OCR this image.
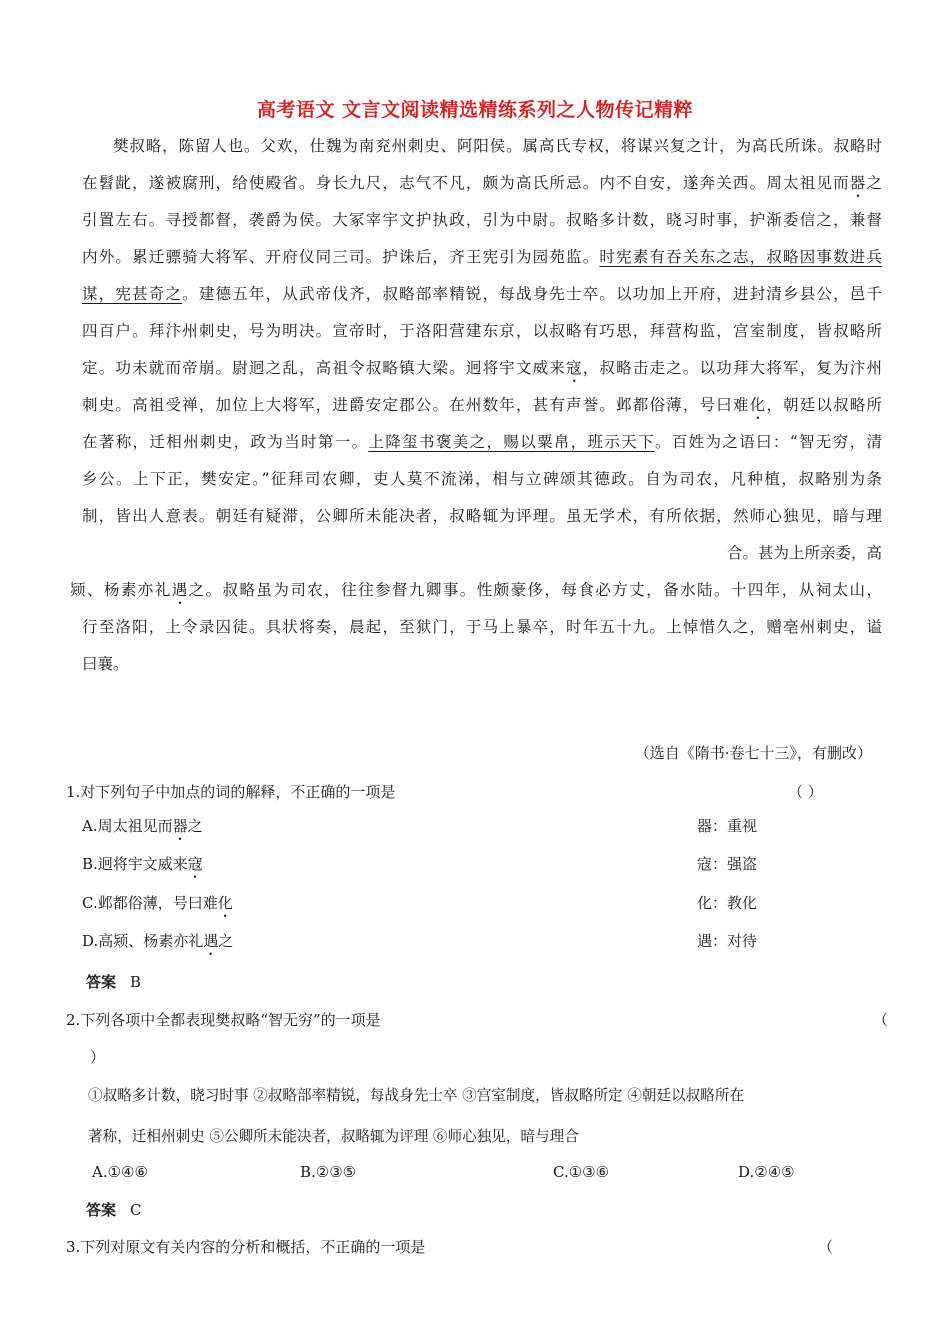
高考语文 文言文阅读精选精练系列之人物传记精粹
樊叔略，陈留人也。父欢，仕魏为南兖州刺史、阿阳侯。属高氏专权，将谋兴复之计，为高氏所诛。叔略时
在髫龀，遂被腐刑，给使殿省。身长九尺，志气不凡，颇为高氏所忌。内不自安，遂奔关西。周太祖见而器之
引置左右。寻授都督，袭爵为侯。大冢宰宇文护执政，引为中尉。叔略多计数，晓习时事，护渐委信之，兼督
内外。累迁骠骑大将军、开府仪同三司。护诛后，齐王宪引为园苑监。时宪素有吞关东之志，叔略因事数进兵
谋，宪甚奇之。建德五年，从武帝伐齐，叔略部率精锐，每战身先士卒。以功加上开府，进封清乡县公，邑千
四百户。拜汴州刺史，号为明决。宣帝时，于洛阳营建东京，以叔略有巧思，拜营构监，宫室制度，皆叔略所
定。功未就而帝崩。尉迥之乱，高祖令叔略镇大梁。迥将宇文威来寇，叔略击走之。以功拜大将军，复为汴州
刺史。高祖受禅，加位上大将军，进爵安定郡公。在州数年，甚有声誉。邺都俗薄，号曰难化，朝廷以叔略所
在著称，迁相州刺史，政为当时第一。上降玺书褒美之，赐以粟帛，班示天下。百姓为之语曰：“智无穷，清
乡公。上下正，樊安定。”征拜司农卿，吏人莫不流涕，相与立碑颂其德政。自为司农，凡种植，叔略别为条
制，皆出人意表。朝廷有疑滞，公卿所未能决者，叔略辄为评理。虽无学术，有所依据，然师心独见，暗与理
合。甚为上所亲委，高
颎、杨素亦礼遇之。叔略虽为司农，往往参督九卿事。性颇豪侈，每食必方丈，备水陆。十四年，从祠太山，
行至洛阳，上令录囚徒。具状将奏，晨起，至狱门，于马上暴卒，时年五十九。上悼惜久之，赠亳州刺史，谥
曰襄。
（选自《隋书·卷七十三》，有删改）
1.对下列句子中加点的词的解释，不正确的一项是	（ ）
A.周太祖见而器之	器：重视
B.迥将宇文威来寇	寇：强盗
C.邺都俗薄，号曰难化	化：教化
D.高颎、杨素亦礼遇之	遇：对待
答案 B
2.下列各项中全都表现樊叔略“智无穷”的一项是	（
）
①叔略多计数，晓习时事 ②叔略部率精锐，每战身先士卒 ③宫室制度，皆叔略所定 ④朝廷以叔略所在
著称，迁相州刺史 ⑤公卿所未能决者，叔略辄为评理 ⑥师心独见，暗与理合
A.①④⑥	B.②③⑤	C.①③⑥	D.②④⑤
答案 C
3.下列对原文有关内容的分析和概括，不正确的一项是	（
